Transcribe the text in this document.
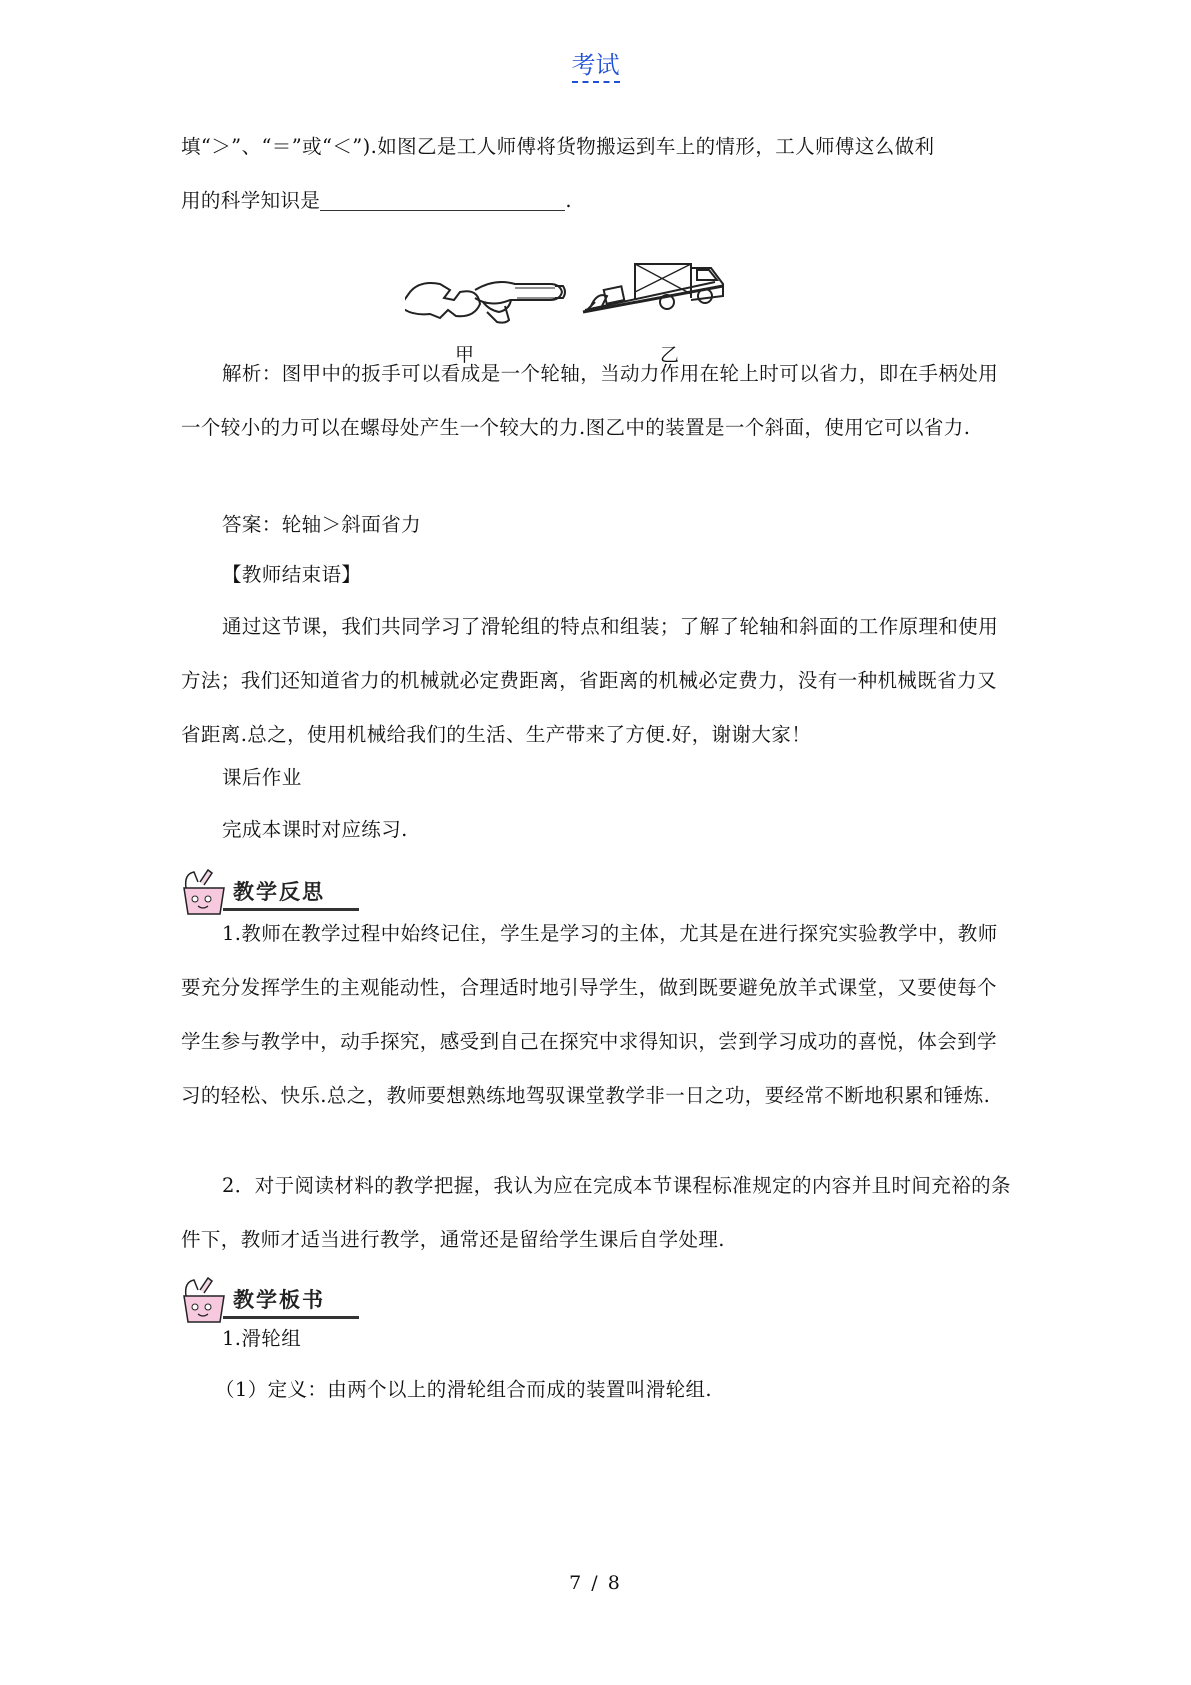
考试

填“＞”、“＝”或“＜”).如图乙是工人师傅将货物搬运到车上的情形，工人师傅这么做利

用的科学知识是	.

甲	乙

解析：图甲中的扳手可以看成是一个轮轴，当动力作用在轮上时可以省力，即在手柄处用一个较小的力可以在螺母处产生一个较大的力.图乙中的装置是一个斜面，使用它可以省力.

答案：轮轴＞斜面省力

【教师结束语】

通过这节课，我们共同学习了滑轮组的特点和组装；了解了轮轴和斜面的工作原理和使用方法；我们还知道省力的机械就必定费距离，省距离的机械必定费力，没有一种机械既省力又省距离.总之，使用机械给我们的生活、生产带来了方便.好，谢谢大家！

课后作业

完成本课时对应练习.

教学反思

1.教师在教学过程中始终记住，学生是学习的主体，尤其是在进行探究实验教学中，教师要充分发挥学生的主观能动性，合理适时地引导学生，做到既要避免放羊式课堂，又要使每个学生参与教学中，动手探究，感受到自己在探究中求得知识，尝到学习成功的喜悦，体会到学习的轻松、快乐.总之，教师要想熟练地驾驭课堂教学非一日之功，要经常不断地积累和锤炼.

2．对于阅读材料的教学把握，我认为应在完成本节课程标准规定的内容并且时间充裕的条件下，教师才适当进行教学，通常还是留给学生课后自学处理.

教学板书

1.滑轮组

（1）定义：由两个以上的滑轮组合而成的装置叫滑轮组.

7 / 8
